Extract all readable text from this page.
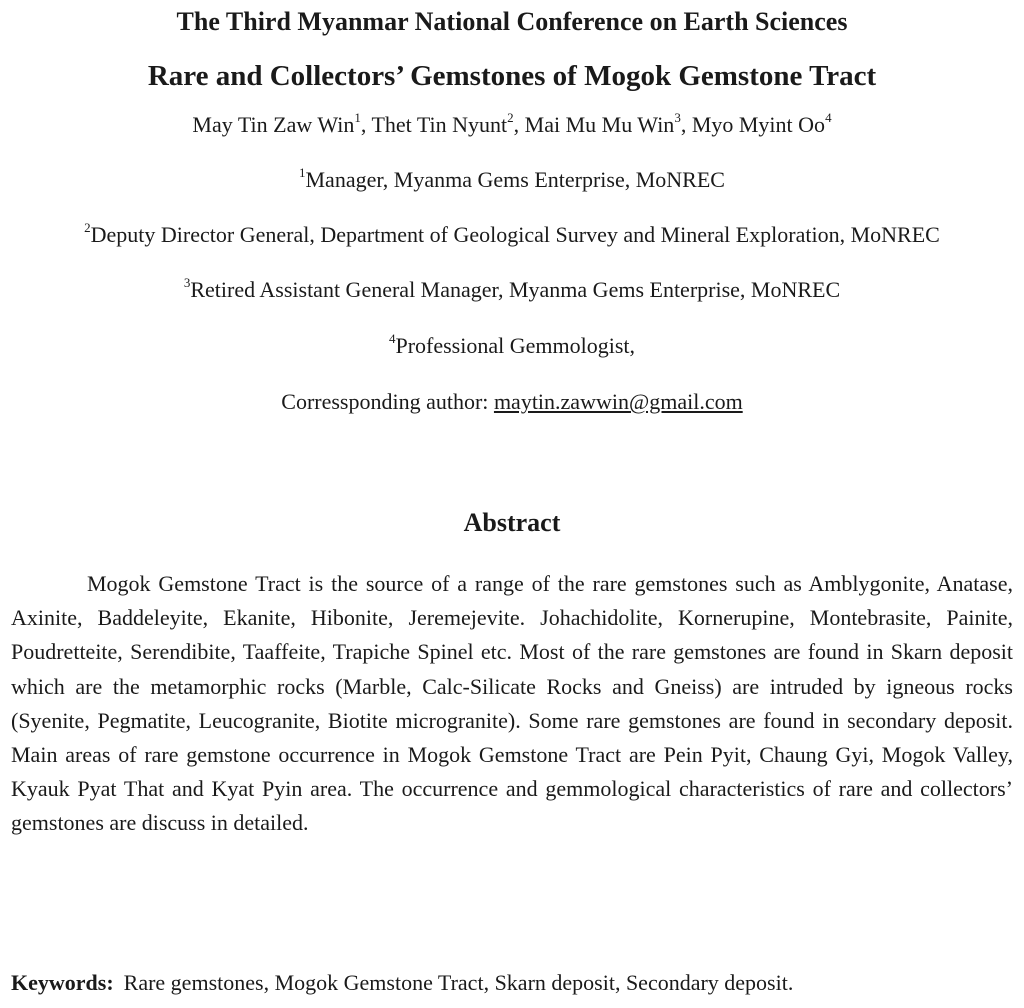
The Third Myanmar National Conference on Earth Sciences
Rare and Collectors’ Gemstones of Mogok Gemstone Tract
May Tin Zaw Win$^1$, Thet Tin Nyunt$^2$, Mai Mu Mu Win$^3$, Myo Myint Oo$^4$
$^1$Manager, Myanma Gems Enterprise, MoNREC
$^2$Deputy Director General, Department of Geological Survey and Mineral Exploration, MoNREC
$^3$Retired Assistant General Manager, Myanma Gems Enterprise, MoNREC
$^4$Professional Gemmologist,
Corressponding author: maytin.zawwin@gmail.com
Abstract

Mogok Gemstone Tract is the source of a range of the rare gemstones such as Amblygonite, Anatase, Axinite, Baddeleyite, Ekanite, Hibonite, Jeremejevite. Johachidolite, Kornerupine, Montebrasite, Painite, Poudretteite, Serendibite, Taaffeite, Trapiche Spinel etc. Most of the rare gemstones are found in Skarn deposit which are the metamorphic rocks (Marble, Calc-Silicate Rocks and Gneiss) are intruded by igneous rocks (Syenite, Pegmatite, Leucogranite, Biotite microgranite). Some rare gemstones are found in secondary deposit. Main areas of rare gemstone occurrence in Mogok Gemstone Tract are Pein Pyit, Chaung Gyi, Mogok Valley, Kyauk Pyat That and Kyat Pyin area. The occurrence and gemmological characteristics of rare and collectors’ gemstones are discuss in detailed.

Keywords: Rare gemstones, Mogok Gemstone Tract, Skarn deposit, Secondary deposit.
